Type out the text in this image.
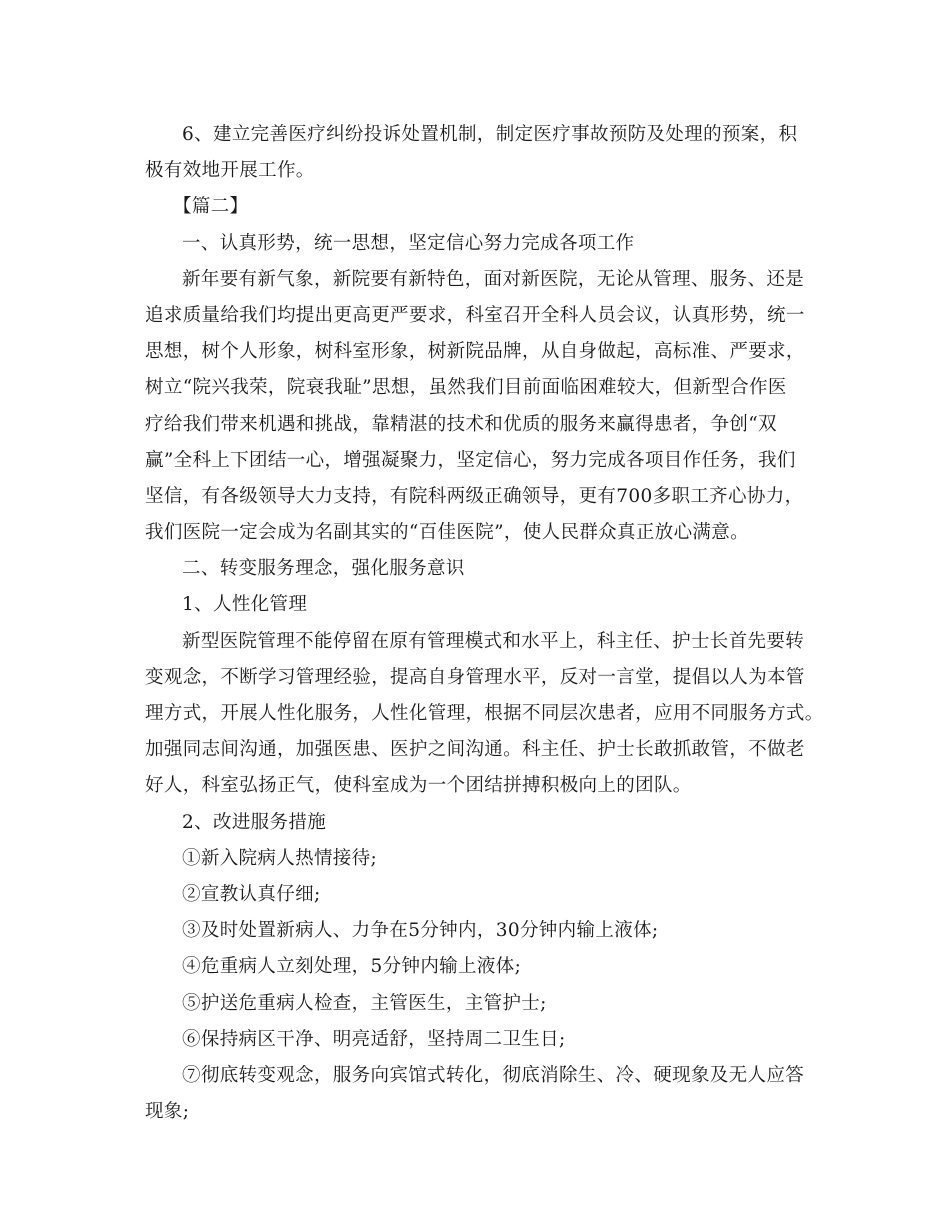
6、建立完善医疗纠纷投诉处置机制，制定医疗事故预防及处理的预案，积
极有效地开展工作。
【篇二】
一、认真形势，统一思想，坚定信心努力完成各项工作
新年要有新气象，新院要有新特色，面对新医院，无论从管理、服务、还是
追求质量给我们均提出更高更严要求，科室召开全科人员会议，认真形势，统一
思想，树个人形象，树科室形象，树新院品牌，从自身做起，高标准、严要求，
树立“院兴我荣，院衰我耻”思想，虽然我们目前面临困难较大，但新型合作医
疗给我们带来机遇和挑战，靠精湛的技术和优质的服务来赢得患者，争创“双
赢”全科上下团结一心，增强凝聚力，坚定信心，努力完成各项目作任务，我们
坚信，有各级领导大力支持，有院科两级正确领导，更有700多职工齐心协力，
我们医院一定会成为名副其实的“百佳医院”，使人民群众真正放心满意。
二、转变服务理念，强化服务意识
1、人性化管理
新型医院管理不能停留在原有管理模式和水平上，科主任、护士长首先要转
变观念，不断学习管理经验，提高自身管理水平，反对一言堂，提倡以人为本管
理方式，开展人性化服务，人性化管理，根据不同层次患者，应用不同服务方式。
加强同志间沟通，加强医患、医护之间沟通。科主任、护士长敢抓敢管，不做老
好人，科室弘扬正气，使科室成为一个团结拼搏积极向上的团队。
2、改进服务措施
①新入院病人热情接待;
②宣教认真仔细;
③及时处置新病人、力争在5分钟内，30分钟内输上液体;
④危重病人立刻处理，5分钟内输上液体;
⑤护送危重病人检查，主管医生，主管护士;
⑥保持病区干净、明亮适舒，坚持周二卫生日;
⑦彻底转变观念，服务向宾馆式转化，彻底消除生、冷、硬现象及无人应答
现象;
